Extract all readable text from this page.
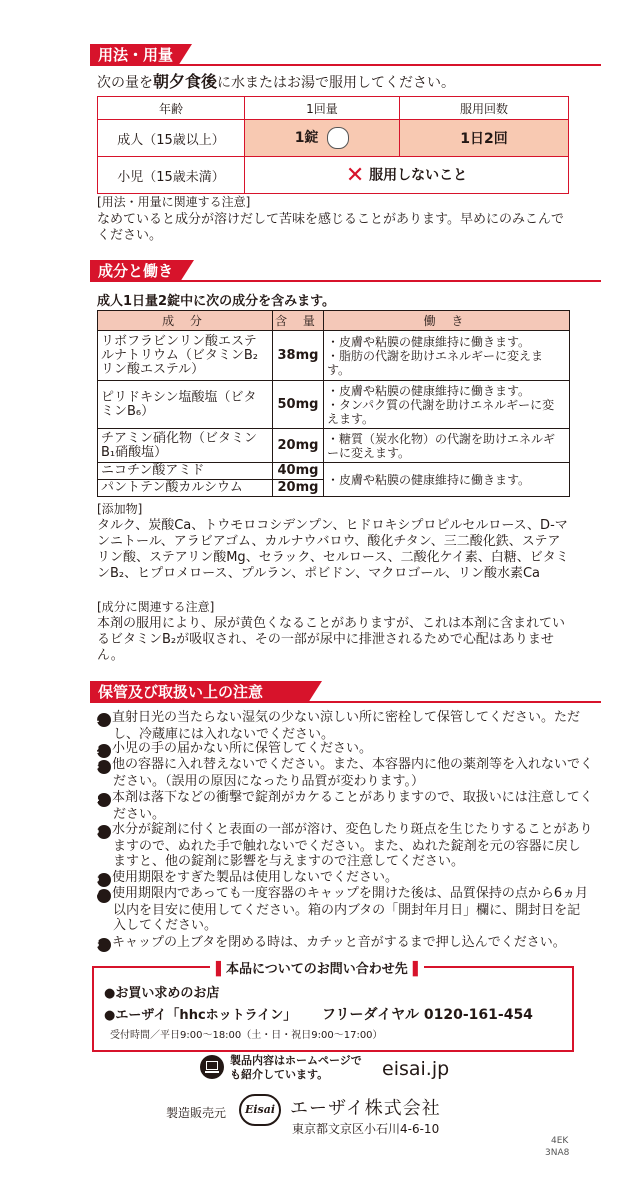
用法・用量
次の量を朝夕食後に水またはお湯で服用してください。
年齢	1回量	服用回数
成人（15歳以上）	1錠	1日2回
小児（15歳未満）	✕ 服用しないこと	
[用法・用量に関連する注意]
なめていると成分が溶けだして苦味を感じることがあります。早めにのみこんでください。
成分と働き
成人1日量2錠中に次の成分を含みます。
成 分	含 量	働 き
リボフラビンリン酸エステルナトリウム（ビタミンB₂リン酸エステル）	38mg	・皮膚や粘膜の健康維持に働きます。
・脂肪の代謝を助けエネルギーに変えます。
ピリドキシン塩酸塩（ビタミンB₆）	50mg	・皮膚や粘膜の健康維持に働きます。
・タンパク質の代謝を助けエネルギーに変えます。
チアミン硝化物（ビタミンB₁硝酸塩）	20mg	・糖質（炭水化物）の代謝を助けエネルギーに変えます。
ニコチン酸アミド	40mg	・皮膚や粘膜の健康維持に働きます。
パントテン酸カルシウム	20mg	
[添加物]
タルク、炭酸Ca、トウモロコシデンプン、ヒドロキシプロピルセルロース、D-マンニトール、アラビアゴム、カルナウバロウ、酸化チタン、三二酸化鉄、ステアリン酸、ステアリン酸Mg、セラック、セルロース、二酸化ケイ素、白糖、ビタミンB₂、ヒプロメロース、プルラン、ポビドン、マクロゴール、リン酸水素Ca
[成分に関連する注意]
本剤の服用により、尿が黄色くなることがありますが、これは本剤に含まれているビタミンB₂が吸収され、その一部が尿中に排泄されるためで心配はありません。
保管及び取扱い上の注意
1 直射日光の当たらない湿気の少ない涼しい所に密栓して保管してください。ただし、冷蔵庫には入れないでください。
2 小児の手の届かない所に保管してください。
3 他の容器に入れ替えないでください。また、本容器内に他の薬剤等を入れないでください。（誤用の原因になったり品質が変わります。）
4 本剤は落下などの衝撃で錠剤がカケることがありますので、取扱いには注意してください。
5 水分が錠剤に付くと表面の一部が溶け、変色したり斑点を生じたりすることがありますので、ぬれた手で触れないでください。また、ぬれた錠剤を元の容器に戻しますと、他の錠剤に影響を与えますので注意してください。
6 使用期限をすぎた製品は使用しないでください。
7 使用期限内であっても一度容器のキャップを開けた後は、品質保持の点から6ヵ月以内を目安に使用してください。箱の内ブタの「開封年月日」欄に、開封日を記入してください。
8 キャップの上ブタを閉める時は、カチッと音がするまで押し込んでください。
▌本品についてのお問い合わせ先▐
●お買い求めのお店
●エーザイ「hhcホットライン」 フリーダイヤル 0120-161-454
受付時間／平日9:00〜18:00（土・日・祝日9:00〜17:00）
製品内容はホームページでも紹介しています。	eisai.jp
製造販売元	Eisai エーザイ株式会社
東京都文京区小石川4-6-10
4EK
3NA8
